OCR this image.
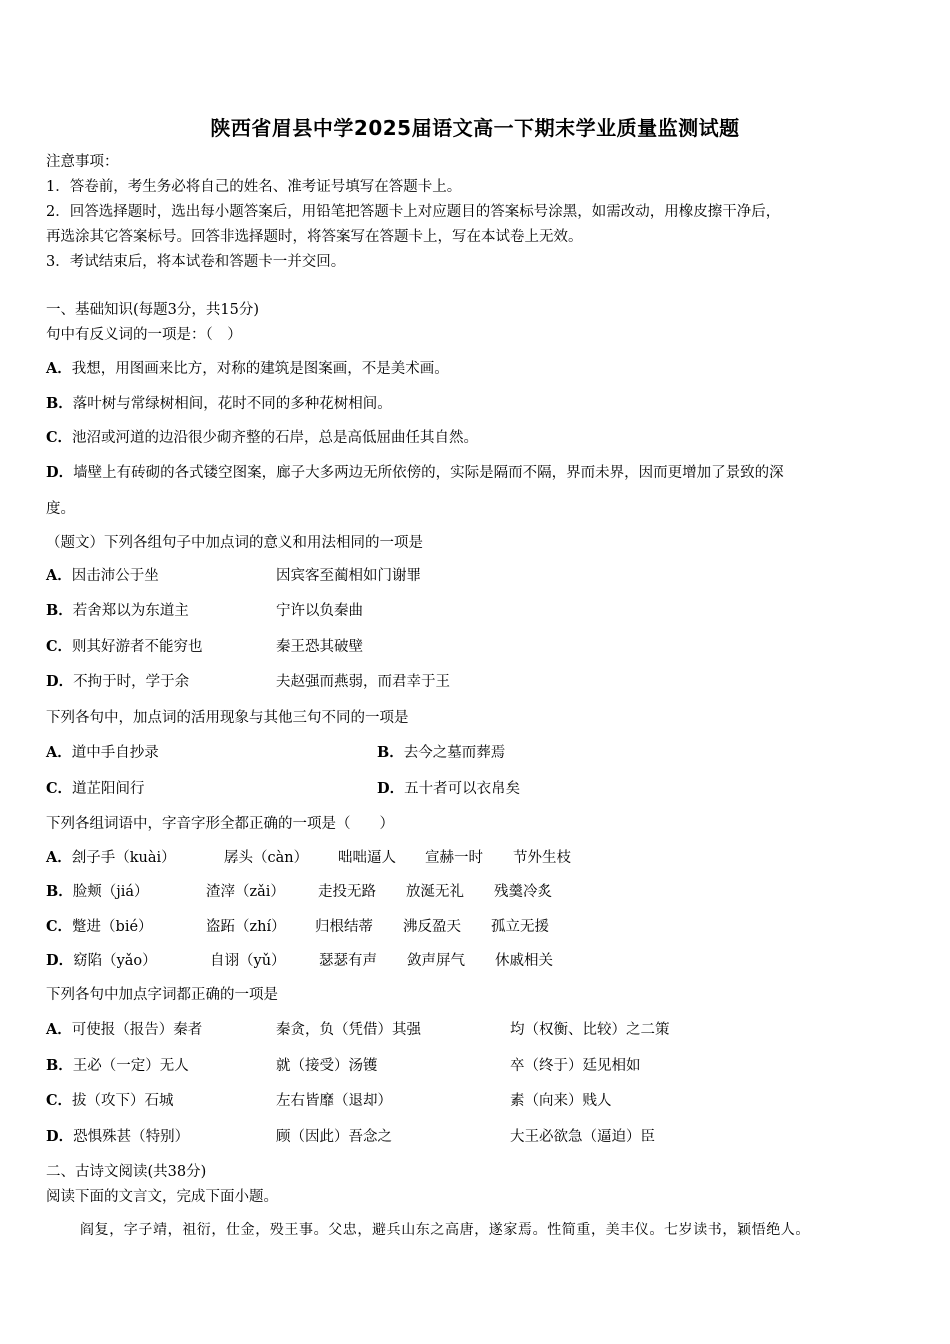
陕西省眉县中学2025届语文高一下期末学业质量监测试题
注意事项：
1．答卷前，考生务必将自己的姓名、准考证号填写在答题卡上。
2．回答选择题时，选出每小题答案后，用铅笔把答题卡上对应题目的答案标号涂黑，如需改动，用橡皮擦干净后，
再选涂其它答案标号。回答非选择题时，将答案写在答题卡上，写在本试卷上无效。
3．考试结束后，将本试卷和答题卡一并交回。
一、基础知识(每题3分，共15分)
句中有反义词的一项是：（　）
A．我想，用图画来比方，对称的建筑是图案画，不是美术画。
B．落叶树与常绿树相间，花时不同的多种花树相间。
C．池沼或河道的边沿很少砌齐整的石岸，总是高低屈曲任其自然。
D．墙壁上有砖砌的各式镂空图案，廊子大多两边无所依傍的，实际是隔而不隔，界而未界，因而更增加了景致的深
度。
（题文）下列各组句子中加点词的意义和用法相同的一项是
A．因击沛公于坐	因宾客至蔺相如门谢罪
B．若舍郑以为东道主	宁许以负秦曲
C．则其好游者不能穷也	秦王恐其破壁
D．不拘于时，学于余	夫赵强而燕弱，而君幸于王
下列各句中，加点词的活用现象与其他三句不同的一项是
A．道中手自抄录	B．去今之墓而葬焉
C．道芷阳间行	D．五十者可以衣帛矣
下列各组词语中，字音字形全都正确的一项是（　　）
A．刽子手（kuài）	孱头（càn） 咄咄逼人 宣赫一时 节外生枝
B．脸颊（jiá）	渣滓（zǎi） 走投无路 放涎无礼 残羹冷炙
C．蹩进（bié）	盗跖（zhí） 归根结蒂 沸反盈天 孤立无援
D．窈陷（yǎo）	自诩（yǔ） 瑟瑟有声 敛声屏气 休戚相关
下列各句中加点字词都正确的一项是
A．可使报（报告）秦者	秦贪，负（凭借）其强	均（权衡、比较）之二策
B．王必（一定）无人	就（接受）汤镬	卒（终于）廷见相如
C．拔（攻下）石城	左右皆靡（退却）	素（向来）贱人
D．恐惧殊甚（特别）	顾（因此）吾念之	大王必欲急（逼迫）臣
二、古诗文阅读(共38分)
阅读下面的文言文，完成下面小题。
阎复，字子靖，祖衍，仕金，殁王事。父忠，避兵山东之高唐，遂家焉。性简重，美丰仪。七岁读书，颖悟绝人。
